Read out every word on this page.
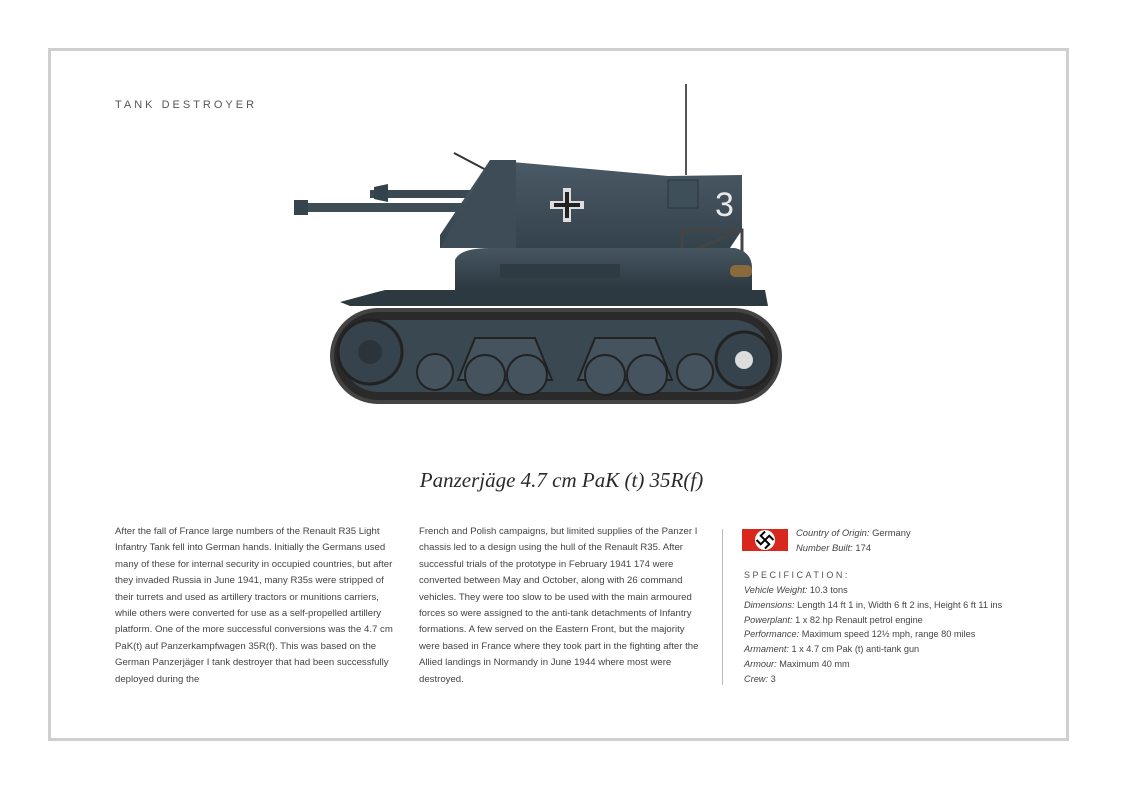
TANK DESTROYER
3
Panzerjäge 4.7 cm PaK (t) 35R(f)
After the fall of France large numbers of the Renault R35 Light Infantry Tank fell into German hands. Initially the Germans used many of these for internal security in occupied countries, but after they invaded Russia in June 1941, many R35s were stripped of their turrets and used as artillery tractors or munitions carriers, while others were converted for use as a self-propelled artillery platform. One of the more successful conversions was the 4.7 cm PaK(t) auf Panzerkampfwagen 35R(f). This was based on the German Panzerjäger I tank destroyer that had been successfully deployed during the
French and Polish campaigns, but limited supplies of the Panzer I chassis led to a design using the hull of the Renault R35. After successful trials of the prototype in February 1941 174 were converted between May and October, along with 26 command vehicles. They were too slow to be used with the main armoured forces so were assigned to the anti-tank detachments of Infantry formations. A few served on the Eastern Front, but the majority were based in France where they took part in the fighting after the Allied landings in Normandy in June 1944 where most were destroyed.
Country of Origin: Germany
Number Built: 174
SPECIFICATION:
Vehicle Weight: 10.3 tons
Dimensions: Length 14 ft 1 in, Width 6 ft 2 ins, Height 6 ft 11 ins
Powerplant: 1 x 82 hp Renault petrol engine
Performance: Maximum speed 12½ mph, range 80 miles
Armament: 1 x 4.7 cm Pak (t) anti-tank gun
Armour: Maximum 40 mm
Crew: 3
